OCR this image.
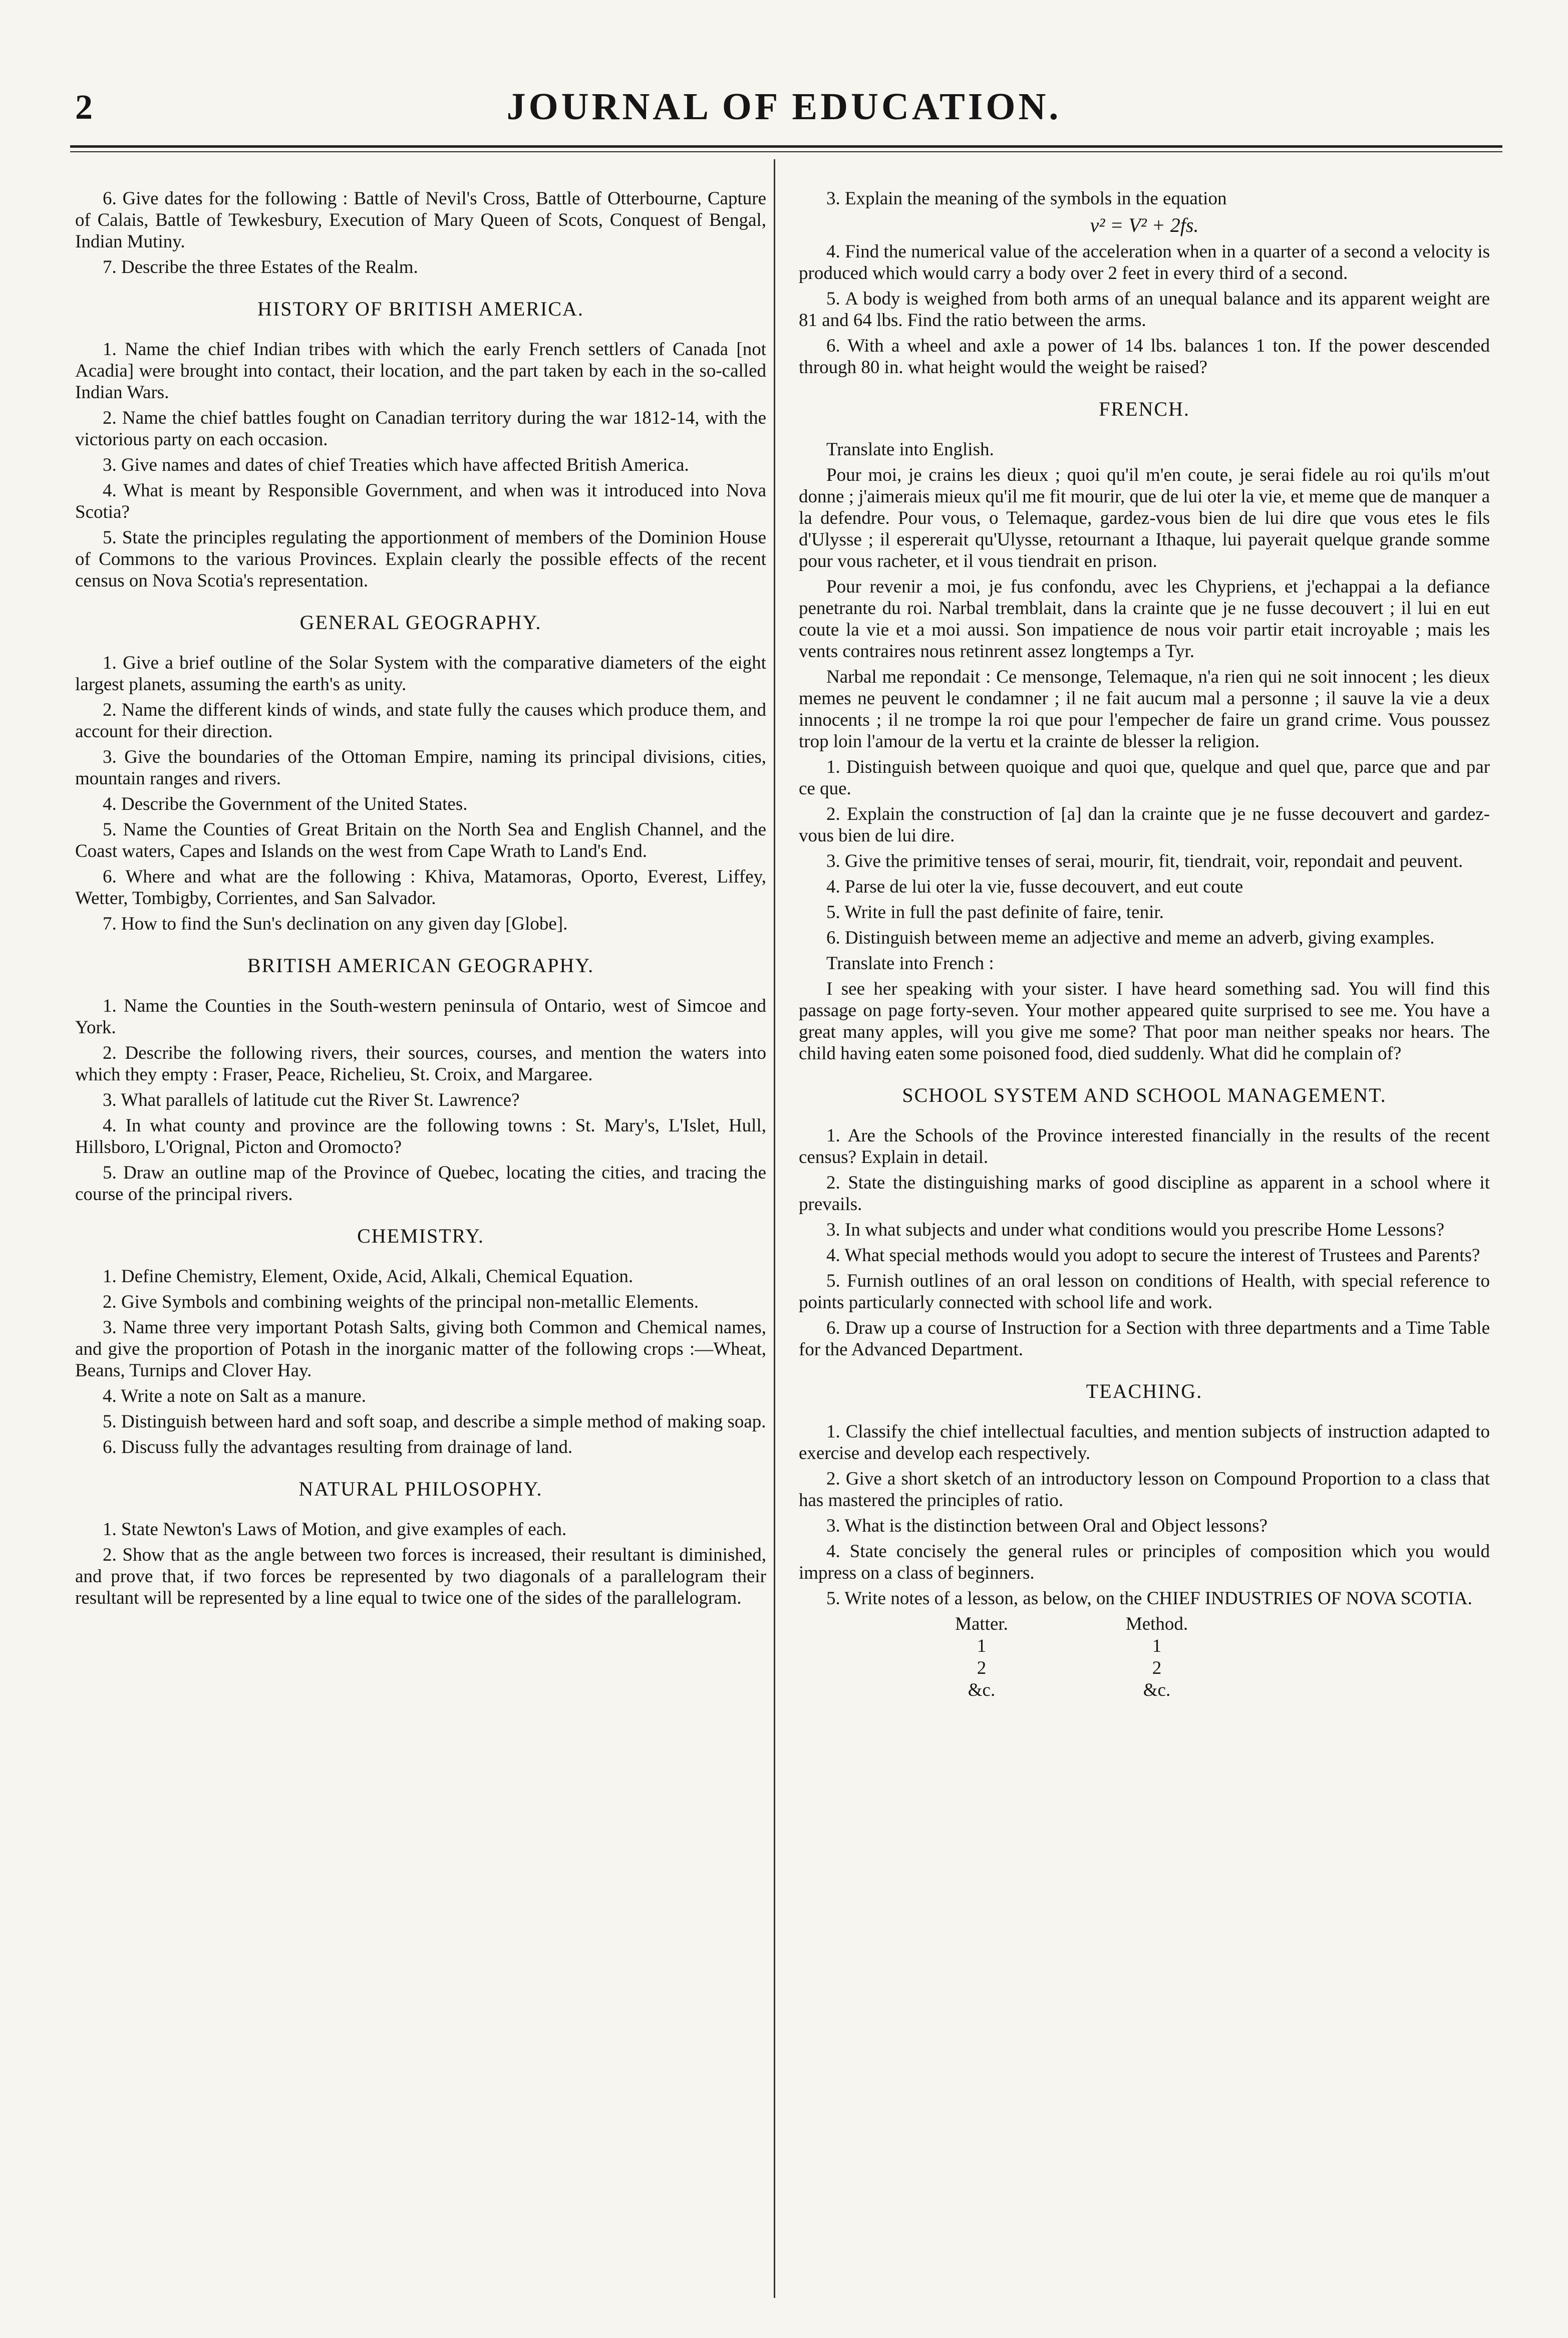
2	JOURNAL OF EDUCATION.

6. Give dates for the following : Battle of Nevil's Cross, Battle of Otterbourne, Capture of Calais, Battle of Tewkesbury, Execution of Mary Queen of Scots, Conquest of Bengal, Indian Mutiny.

7. Describe the three Estates of the Realm.

HISTORY OF BRITISH AMERICA.

1. Name the chief Indian tribes with which the early French settlers of Canada [not Acadia] were brought into contact, their location, and the part taken by each in the so-called Indian Wars.

2. Name the chief battles fought on Canadian territory during the war 1812-14, with the victorious party on each occasion.

3. Give names and dates of chief Treaties which have affected British America.

4. What is meant by Responsible Government, and when was it introduced into Nova Scotia?

5. State the principles regulating the apportionment of members of the Dominion House of Commons to the various Provinces. Explain clearly the possible effects of the recent census on Nova Scotia's representation.

GENERAL GEOGRAPHY.

1. Give a brief outline of the Solar System with the comparative diameters of the eight largest planets, assuming the earth's as unity.

2. Name the different kinds of winds, and state fully the causes which produce them, and account for their direction.

3. Give the boundaries of the Ottoman Empire, naming its principal divisions, cities, mountain ranges and rivers.

4. Describe the Government of the United States.

5. Name the Counties of Great Britain on the North Sea and English Channel, and the Coast waters, Capes and Islands on the west from Cape Wrath to Land's End.

6. Where and what are the following : Khiva, Matamoras, Oporto, Everest, Liffey, Wetter, Tombigby, Corrientes, and San Salvador.

7. How to find the Sun's declination on any given day [Globe].

BRITISH AMERICAN GEOGRAPHY.

1. Name the Counties in the South-western peninsula of Ontario, west of Simcoe and York.

2. Describe the following rivers, their sources, courses, and mention the waters into which they empty : Fraser, Peace, Richelieu, St. Croix, and Margaree.

3. What parallels of latitude cut the River St. Lawrence?

4. In what county and province are the following towns : St. Mary's, L'Islet, Hull, Hillsboro, L'Orignal, Picton and Oromocto?

5. Draw an outline map of the Province of Quebec, locating the cities, and tracing the course of the principal rivers.

CHEMISTRY.

1. Define Chemistry, Element, Oxide, Acid, Alkali, Chemical Equation.

2. Give Symbols and combining weights of the principal non-metallic Elements.

3. Name three very important Potash Salts, giving both Common and Chemical names, and give the proportion of Potash in the inorganic matter of the following crops :—Wheat, Beans, Turnips and Clover Hay.

4. Write a note on Salt as a manure.

5. Distinguish between hard and soft soap, and describe a simple method of making soap.

6. Discuss fully the advantages resulting from drainage of land.

NATURAL PHILOSOPHY.

1. State Newton's Laws of Motion, and give examples of each.

2. Show that as the angle between two forces is increased, their resultant is diminished, and prove that, if two forces be represented by two diagonals of a parallelogram their resultant will be represented by a line equal to twice one of the sides of the parallelogram.

3. Explain the meaning of the symbols in the equation

v² = V² + 2fs.

4. Find the numerical value of the acceleration when in a quarter of a second a velocity is produced which would carry a body over 2 feet in every third of a second.

5. A body is weighed from both arms of an unequal balance and its apparent weight are 81 and 64 lbs. Find the ratio between the arms.

6. With a wheel and axle a power of 14 lbs. balances 1 ton. If the power descended through 80 in. what height would the weight be raised?

FRENCH.

Translate into English.

Pour moi, je crains les dieux ; quoi qu'il m'en coute, je serai fidele au roi qu'ils m'out donne ; j'aimerais mieux qu'il me fit mourir, que de lui oter la vie, et meme que de manquer a la defendre. Pour vous, o Telemaque, gardez-vous bien de lui dire que vous etes le fils d'Ulysse ; il espererait qu'Ulysse, retournant a Ithaque, lui payerait quelque grande somme pour vous racheter, et il vous tiendrait en prison.

Pour revenir a moi, je fus confondu, avec les Chypriens, et j'echappai a la defiance penetrante du roi. Narbal tremblait, dans la crainte que je ne fusse decouvert ; il lui en eut coute la vie et a moi aussi. Son impatience de nous voir partir etait incroyable ; mais les vents contraires nous retinrent assez longtemps a Tyr.

Narbal me repondait : Ce mensonge, Telemaque, n'a rien qui ne soit innocent ; les dieux memes ne peuvent le condamner ; il ne fait aucum mal a personne ; il sauve la vie a deux innocents ; il ne trompe la roi que pour l'empecher de faire un grand crime. Vous poussez trop loin l'amour de la vertu et la crainte de blesser la religion.

1. Distinguish between quoique and quoi que, quelque and quel que, parce que and par ce que.

2. Explain the construction of [a] dan la crainte que je ne fusse decouvert and gardez-vous bien de lui dire.

3. Give the primitive tenses of serai, mourir, fit, tiendrait, voir, repondait and peuvent.

4. Parse de lui oter la vie, fusse decouvert, and eut coute

5. Write in full the past definite of faire, tenir.

6. Distinguish between meme an adjective and meme an adverb, giving examples.

Translate into French :

I see her speaking with your sister. I have heard something sad. You will find this passage on page forty-seven. Your mother appeared quite surprised to see me. You have a great many apples, will you give me some? That poor man neither speaks nor hears. The child having eaten some poisoned food, died suddenly. What did he complain of?

SCHOOL SYSTEM AND SCHOOL MANAGEMENT.

1. Are the Schools of the Province interested financially in the results of the recent census? Explain in detail.

2. State the distinguishing marks of good discipline as apparent in a school where it prevails.

3. In what subjects and under what conditions would you prescribe Home Lessons?

4. What special methods would you adopt to secure the interest of Trustees and Parents?

5. Furnish outlines of an oral lesson on conditions of Health, with special reference to points particularly connected with school life and work.

6. Draw up a course of Instruction for a Section with three departments and a Time Table for the Advanced Department.

TEACHING.

1. Classify the chief intellectual faculties, and mention subjects of instruction adapted to exercise and develop each respectively.

2. Give a short sketch of an introductory lesson on Compound Proportion to a class that has mastered the principles of ratio.

3. What is the distinction between Oral and Object lessons?

4. State concisely the general rules or principles of composition which you would impress on a class of beginners.

5. Write notes of a lesson, as below, on the CHIEF INDUSTRIES OF NOVA SCOTIA.

Matter.	Method.
1	1
2	2
&c.	&c.
